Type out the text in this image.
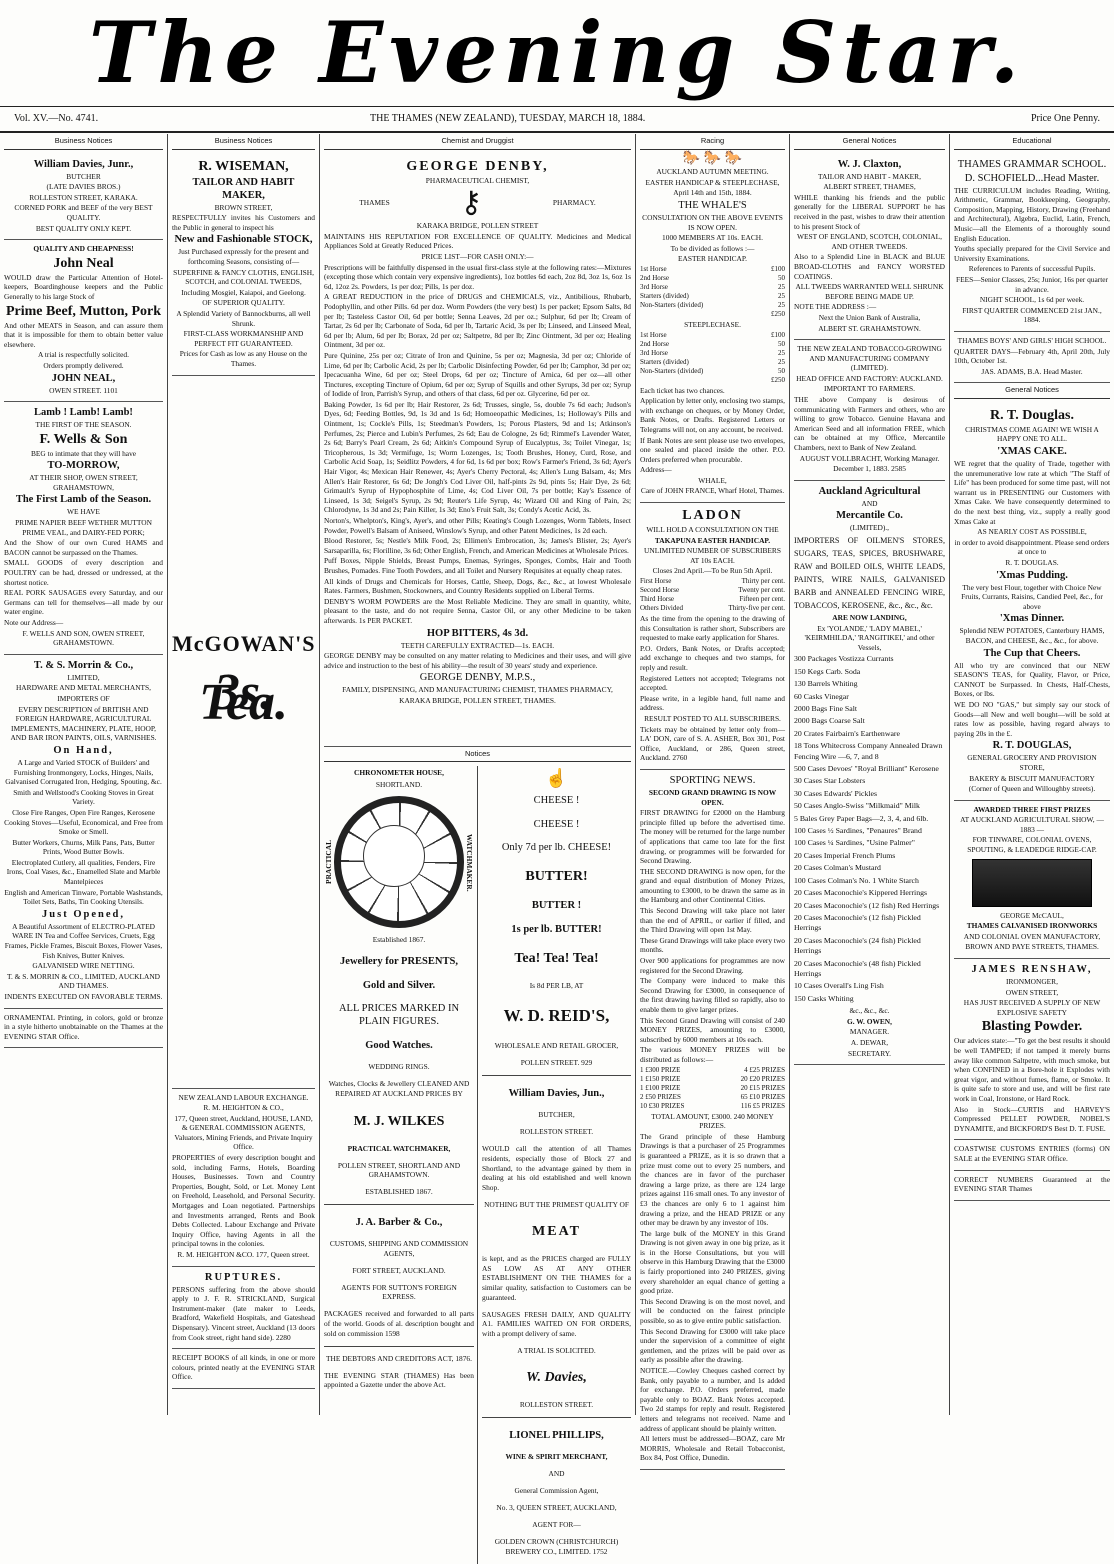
The Evening Star.
Vol. XV.—No. 4741.	THE THAMES (NEW ZEALAND), TUESDAY, MARCH 18, 1884.	Price One Penny.
Business Notices

William Davies, Junr.,

BUTCHER

(LATE DAVIES BROS.)

ROLLESTON STREET, KARAKA.

CORNED PORK and BEEF of the very BEST QUALITY.

BEST QUALITY ONLY KEPT.

QUALITY AND CHEAPNESS!

John Neal

WOULD draw the Particular Attention of Hotel-keepers, Boardinghouse keepers and the Public Generally to his large Stock of

Prime Beef, Mutton, Pork

And other MEATS in Season, and can assure them that it is impossible for them to obtain better value elsewhere.

A trial is respectfully solicited.

Orders promptly delivered.

JOHN NEAL,

OWEN STREET. 1101

Lamb ! Lamb! Lamb!

THE FIRST OF THE SEASON.

F. Wells & Son

BEG to intimate that they will have

TO-MORROW,

AT THEIR SHOP, OWEN STREET, GRAHAMSTOWN,

The First Lamb of the Season.

WE HAVE

PRIME NAPIER BEEF WETHER MUTTON PRIME VEAL, and DAIRY-FED PORK;

And the Show of our own Cured HAMS and BACON cannot be surpassed on the Thames.

SMALL GOODS of every description and POULTRY can be had, dressed or undressed, at the shortest notice.

REAL PORK SAUSAGES every Saturday, and our Germans can tell for themselves—all made by our water engine.

Note our Address—

F. WELLS AND SON, OWEN STREET, GRAHAMSTOWN.

T. & S. Morrin & Co.,

LIMITED,

HARDWARE AND METAL MERCHANTS,

IMPORTERS OF

EVERY DESCRIPTION of BRITISH AND FOREIGN HARDWARE, AGRICULTURAL IMPLEMENTS, MACHINERY, PLATE, HOOP, AND BAR IRON PAINTS, OILS, VARNISHES.

On Hand,

A Large and Varied STOCK of Builders' and Furnishing Ironmongery, Locks, Hinges, Nails, Galvanised Corrugated Iron, Hedging, Spouting, &c.

Smith and Wellstood's Cooking Stoves in Great Variety.

Close Fire Ranges, Open Fire Ranges, Kerosene Cooking Stoves—Useful, Economical, and Free from Smoke or Smell.

Butter Workers, Churns, Milk Pans, Pats, Butter Prints, Wood Butter Bowls.

Electroplated Cutlery, all qualities, Fenders, Fire Irons, Coal Vases, &c., Enamelled Slate and Marble Mantelpieces

English and American Tinware, Portable Washstands, Toilet Sets, Baths, Tin Cooking Utensils.

Just Opened,

A Beautiful Assortment of ELECTRO-PLATED WARE IN Tea and Coffee Services, Cruets, Egg Frames, Pickle Frames, Biscuit Boxes, Flower Vases, Fish Knives, Butter Knives.

GALVANISED WIRE NETTING.

T. & S. MORRIN & CO., LIMITED, AUCKLAND AND THAMES.

INDENTS EXECUTED ON FAVORABLE TERMS.

ORNAMENTAL Printing, in colors, gold or bronze in a style hitherto unobtainable on the Thames at the EVENING STAR Office.

Business Notices

R. WISEMAN,

TAILOR AND HABIT MAKER,

BROWN STREET,

RESPECTFULLY invites his Customers and the Public in general to inspect his

New and Fashionable STOCK,

Just Purchased expressly for the present and forthcoming Seasons, consisting of—

SUPERFINE & FANCY CLOTHS, ENGLISH, SCOTCH, and COLONIAL TWEEDS,

Including Mosgiel, Kaiapoi, and Geelong.

OF SUPERIOR QUALITY.

A Splendid Variety of Bannockburns, all well Shrunk.

FIRST-CLASS WORKMANSHIP AND PERFECT FIT GUARANTEED.

Prices for Cash as low as any House on the Thames.

McGOWAN'S
3s. Tea.

NEW ZEALAND LABOUR EXCHANGE.

R. M. HEIGHTON & CO.,

177, Queen street, Auckland, HOUSE, LAND, & GENERAL COMMISSION AGENTS, Valuators, Mining Friends, and Private Inquiry Office.

PROPERTIES of every description bought and sold, including Farms, Hotels, Boarding Houses, Businesses. Town and Country Properties, Bought, Sold, or Let. Money Lent on Freehold, Leasehold, and Personal Security. Mortgages and Loan negotiated. Partnerships and Investments arranged, Rents and Book Debts Collected. Labour Exchange and Private Inquiry Office, having Agents in all the principal towns in the colonies.

R. M. HEIGHTON &CO. 177, Queen street.

RUPTURES.

PERSONS suffering from the above should apply to J. F. R. STRICKLAND, Surgical Instrument-maker (late maker to Leeds, Bradford, Wakefield Hospitals, and Gateshead Dispensary). Vincent street, Auckland (13 doors from Cook street, right hand side). 2280

RECEIPT BOOKS of all kinds, in one or more colours, printed neatly at the EVENING STAR Office.

Chemist and Druggist

GEORGE DENBY,

PHARMACEUTICAL CHEMIST,

THAMES ⚷	PHARMACY.

KARAKA BRIDGE, POLLEN STREET

MAINTAINS HIS REPUTATION FOR EXCELLENCE OF QUALITY. Medicines and Medical Appliances Sold at Greatly Reduced Prices.

PRICE LIST—FOR CASH ONLY:—

Prescriptions will be faithfully dispensed in the usual first-class style at the following rates:—Mixtures (excepting those which contain very expensive ingredients), 1oz bottles 6d each, 2oz 8d, 3oz 1s, 6oz 1s 6d, 12oz 2s. Powders, 1s per doz; Pills, 1s per doz.

A GREAT REDUCTION in the price of DRUGS and CHEMICALS, viz., Antibilious, Rhubarb, Podophyllin, and other Pills. 6d per doz. Worm Powders (the very best) 1s per packet; Epsom Salts, 8d per lb; Tasteless Castor Oil, 6d per bottle; Senna Leaves, 2d per oz.; Sulphur, 6d per lb; Cream of Tartar, 2s 6d per lb; Carbonate of Soda, 6d per lb, Tartaric Acid, 3s per lb; Linseed, and Linseed Meal, 6d per lb; Alum, 6d per lb; Borax, 2d per oz; Saltpetre, 8d per lb; Zinc Ointment, 3d per oz; Healing Ointment, 3d per oz.

Pure Quinine, 25s per oz; Citrate of Iron and Quinine, 5s per oz; Magnesia, 3d per oz; Chloride of Lime, 6d per lb; Carbolic Acid, 2s per lb; Carbolic Disinfecting Powder, 6d per lb; Camphor, 3d per oz; Ipecacuanha Wine, 6d per oz; Steel Drops, 6d per oz; Tincture of Arnica, 6d per oz—all other Tinctures, excepting Tincture of Opium, 6d per oz; Syrup of Squills and other Syrups, 3d per oz; Syrup of Iodide of Iron, Parrish's Syrup, and others of that class, 6d per oz. Glycerine, 6d per oz.

Baking Powder, 1s 6d per lb; Hair Restorer, 2s 6d; Trusses, single, 5s, double 7s 6d each; Judson's Dyes, 6d; Feeding Bottles, 9d, 1s 3d and 1s 6d; Homoeopathic Medicines, 1s; Holloway's Pills and Ointment, 1s; Cockle's Pills, 1s; Steedman's Powders, 1s; Porous Plasters, 9d and 1s; Atkinson's Perfumes, 2s; Pierce and Lubin's Perfumes, 2s 6d; Eau de Cologne, 2s 6d; Rimmel's Lavender Water, 2s 6d; Barry's Pearl Cream, 2s 6d; Aitkin's Compound Syrup of Eucalyptus, 3s; Toilet Vinegar, 1s; Tricopherous, 1s 3d; Vermifuge, 1s; Worm Lozenges, 1s; Tooth Brushes, Honey, Curd, Rose, and Carbolic Acid Soap, 1s; Seidlitz Powders, 4 for 6d, 1s 6d per box; Row's Farmer's Friend, 3s 6d; Ayer's Hair Vigor, 4s; Mexican Hair Renewer, 4s; Ayer's Cherry Pectoral, 4s; Allen's Lung Balsam, 4s; Mrs Allen's Hair Restorer, 6s 6d; De Jongh's Cod Liver Oil, half-pints 2s 9d, pints 5s; Hair Dye, 2s 6d; Grimault's Syrup of Hypophosphite of Lime, 4s; Cod Liver Oil, 7s per bottle; Kay's Essence of Linseed, 1s 3d; Seigel's Syrup, 2s 9d; Reuter's Life Syrup, 4s; Wizard Oil and King of Pain, 2s; Chlorodyne, 1s 3d and 2s; Pain Killer, 1s 3d; Eno's Fruit Salt, 3s; Condy's Acetic Acid, 3s.

Norton's, Whelpton's, King's, Ayer's, and other Pills; Keating's Cough Lozenges, Worm Tablets, Insect Powder, Powell's Balsam of Aniseed, Winslow's Syrup, and other Patent Medicines, 1s 2d each.

Blood Restorer, 5s; Nestle's Milk Food, 2s; Ellimen's Embrocation, 3s; James's Blister, 2s; Ayer's Sarsaparilla, 6s; Florilline, 3s 6d; Other English, French, and American Medicines at Wholesale Prices.

Puff Boxes, Nipple Shields, Breast Pumps, Enemas, Syringes, Sponges, Combs, Hair and Tooth Brushes, Pomades. Fine Tooth Powders, and all Toilet and Nursery Requisites at equally cheap rates.

All kinds of Drugs and Chemicals for Horses, Cattle, Sheep, Dogs, &c., &c., at lowest Wholesale Rates. Farmers, Bushmen, Stockowners, and Country Residents supplied on Liberal Terms.

DENBY'S WORM POWDERS are the Most Reliable Medicine. They are small in quantity, white, pleasant to the taste, and do not require Senna, Castor Oil, or any other Medicine to be taken afterwards. 1s PER PACKET.

HOP BITTERS, 4s 3d.

TEETH CAREFULLY EXTRACTED—1s. EACH.

GEORGE DENBY may be consulted on any matter relating to Medicines and their uses, and will give advice and instruction to the best of his ability—the result of 30 years' study and experience.

GEORGE DENBY, M.P.S.,

FAMILY, DISPENSING, AND MANUFACTURING CHEMIST, THAMES PHARMACY,

KARAKA BRIDGE, POLLEN STREET, THAMES.

Notices

CHRONOMETER HOUSE,

SHORTLAND.

PRACTICAL	WATCHMAKER.

Established 1867.

Jewellery for PRESENTS,

Gold and Silver.

ALL PRICES MARKED IN PLAIN FIGURES.

Good Watches.

WEDDING RINGS.

Watches, Clocks & Jewellery CLEANED AND REPAIRED AT AUCKLAND PRICES BY

M. J. WILKES

PRACTICAL WATCHMAKER,

POLLEN STREET, SHORTLAND AND GRAHAMSTOWN.

ESTABLISHED 1867.

J. A. Barber & Co.,

CUSTOMS, SHIPPING AND COMMISSION AGENTS,

FORT STREET, AUCKLAND.

AGENTS FOR SUTTON'S FOREIGN EXPRESS.

PACKAGES received and forwarded to all parts of the world. Goods of al. description bought and sold on commission 1598

THE DEBTORS AND CREDITORS ACT, 1876.

THE EVENING STAR (THAMES) Has been appointed a Gazette under the above Act.

☝

CHEESE !

CHEESE !

Only 7d per lb. CHEESE!

BUTTER!

BUTTER !

1s per lb. BUTTER!

Tea! Tea! Tea!

Is 8d PER LB, AT

W. D. REID'S,

WHOLESALE AND RETAIL GROCER,

POLLEN STREET. 929

William Davies, Jun.,

BUTCHER,

ROLLESTON STREET.

WOULD call the attention of all Thames residents, especially those of Block 27 and Shortland, to the advantage gained by them in dealing at his old established and well known Shop.

NOTHING BUT THE PRIMEST QUALITY OF

MEAT

is kept, and as the PRICES charged are FULLY AS LOW AS AT ANY OTHER ESTABLISHMENT ON THE THAMES for a similar quality, satisfaction to Customers can be guaranteed.

SAUSAGES FRESH DAILY, AND QUALITY A1. FAMILIES WAITED ON FOR ORDERS, with a prompt delivery of same.

A TRIAL IS SOLICITED.

W. Davies,

ROLLESTON STREET.

LIONEL PHILLIPS,

WINE & SPIRIT MERCHANT,

AND

General Commission Agent,

No. 3, QUEEN STREET, AUCKLAND,

AGENT FOR—

GOLDEN CROWN (CHRISTCHURCH) BREWERY CO., LIMITED. 1752

Racing
🐎 🐎 🐎

AUCKLAND AUTUMN MEETING.

EASTER HANDICAP & STEEPLECHASE,

April 14th and 15th, 1884.

THE WHALE'S

CONSULTATION ON THE ABOVE EVENTS IS NOW OPEN.

1000 MEMBERS AT 10s. EACH.

To be divided as follows :—

EASTER HANDICAP.

1st Horse	£100
2nd Horse	50
3rd Horse	25
Starters (divided)	25
Non-Starters (divided)	25
£250

STEEPLECHASE.

1st Horse	£100
2nd Horse	50
3rd Horse	25
Starters (divided)	25
Non-Starters (divided)	50
£250

Each ticket has two chances.

Application by letter only, enclosing two stamps, with exchange on cheques, or by Money Order, Bank Notes, or Drafts. Registered Letters or Telegrams will not, on any account, be received.

If Bank Notes are sent please use two envelopes, one sealed and placed inside the other. P.O. Orders preferred when procurable.

Address—

WHALE,

Care of JOHN FRANCE, Wharf Hotel, Thames.

LADON

WILL HOLD A CONSULTATION ON THE

TAKAPUNA EASTER HANDICAP.

UNLIMITED NUMBER OF SUBSCRIBERS AT 10s EACH.

Closes 2nd April.—To be Run 5th April.

First Horse	Thirty per cent.
Second Horse	Twenty per cent.
Third Horse	Fifteen per cent.
Others Divided	Thirty-five per cent.

As the time from the opening to the drawing of this Consultation is rather short, Subscribers are requested to make early application for Shares.

P.O. Orders, Bank Notes, or Drafts accepted; add exchange to cheques and two stamps, for reply and result.

Registered Letters not accepted; Telegrams not accepted.

Please write, in a legible hand, full name and address.

RESULT POSTED TO ALL SUBSCRIBERS.

Tickets may be obtained by letter only from—LA' DON, care of S. A. ASHER, Box 301, Post Office, Auckland, or 286, Queen street, Auckland. 2760

SPORTING NEWS.

SECOND GRAND DRAWING IS NOW OPEN.

FIRST DRAWING for £2000 on the Hamburg principle filled up before the advertised time. The money will be returned for the large number of applications that came too late for the first drawing, or programmes will be forwarded for Second Drawing.

THE SECOND DRAWING is now open, for the grand and equal distribution of Money Prizes, amounting to £3000, to be drawn the same as in the Hamburg and other Continental Cities.

This Second Drawing will take place not later than the end of APRIL, or earlier if filled, and the Third Drawing will open 1st May.

These Grand Drawings will take place every two months.

Over 900 applications for programmes are now registered for the Second Drawing.

The Company were induced to make this Second Drawing for £3000, in consequence of the first drawing having filled so rapidly, also to enable them to give larger prizes.

This Second Grand Drawing will consist of 240 MONEY PRIZES, amounting to £3000, subscribed by 6000 members at 10s each.

The various MONEY PRIZES will be distributed as follows:—

1 £300 PRIZE	4 £25 PRIZES
1 £150 PRIZE	20 £20 PRIZES
1 £100 PRIZE	20 £15 PRIZES
2 £50 PRIZES	65 £10 PRIZES
10 £30 PRIZES	116 £5 PRIZES

TOTAL AMOUNT, £3000. 240 MONEY PRIZES.

The Grand principle of these Hamburg Drawings is that a purchaser of 25 Programmes is guaranteed a PRIZE, as it is so drawn that a prize must come out to every 25 numbers, and the chances are in favor of the purchaser drawing a large prize, as there are 124 large prizes against 116 small ones. To any investor of £3 the chances are only 6 to 1 against him drawing a prize, and the HEAD PRIZE or any other may be drawn by any investor of 10s.

The large bulk of the MONEY in this Grand Drawing is not given away in one big prize, as it is in the Horse Consultations, but you will observe in this Hamburg Drawing that the £3000 is fairly proportioned into 240 PRIZES, giving every shareholder an equal chance of getting a good prize.

This Second Drawing is on the most novel, and will be conducted on the fairest principle possible, so as to give entire public satisfaction.

This Second Drawing for £3000 will take place under the supervision of a committee of eight gentlemen, and the prizes will be paid over as early as possible after the drawing.

NOTICE.—Cowley Cheques cashed correct by Bank, only payable to a number, and 1s added for exchange. P.O. Orders preferred, made payable only to BOAZ. Bank Notes accepted. Two 2d stamps for reply and result. Registered letters and telegrams not received. Name and address of applicant should be plainly written.

All letters must be addressed—BOAZ, care Mr MORRIS, Wholesale and Retail Tobacconist, Box 84, Post Office, Dunedin.

General Notices

W. J. Claxton,

TAILOR AND HABIT - MAKER,

ALBERT STREET, THAMES,

WHILE thanking his friends and the public generally for the LIBERAL SUPPORT he has received in the past, wishes to draw their attention to his present Stock of

WEST OF ENGLAND, SCOTCH, COLONIAL, AND OTHER TWEEDS.

Also to a Splendid Line in BLACK and BLUE BROAD-CLOTHS and FANCY WORSTED COATINGS.

ALL TWEEDS WARRANTED WELL SHRUNK BEFORE BEING MADE UP.

NOTE THE ADDRESS :—

Next the Union Bank of Australia,

ALBERT ST. GRAHAMSTOWN.

THE NEW ZEALAND TOBACCO-GROWING AND MANUFACTURING COMPANY (LIMITED).

HEAD OFFICE AND FACTORY: AUCKLAND.

IMPORTANT TO FARMERS.

THE above Company is desirous of communicating with Farmers and others, who are willing to grow Tobacco. Genuine Havana and American Seed and all information FREE, which can be obtained at my Office, Mercantile Chambers, next to Bank of New Zealand.

AUGUST VOLLBRACHT, Working Manager.

December 1, 1883. 2585

Auckland Agricultural

AND

Mercantile Co.

(LIMITED).,

IMPORTERS OF OILMEN'S STORES, SUGARS, TEAS, SPICES, BRUSHWARE, RAW and BOILED OILS, WHITE LEADS, PAINTS, WIRE NAILS, GALVANISED BARB and ANNEALED FENCING WIRE, TOBACCOS, KEROSENE, &c., &c., &c.

ARE NOW LANDING,

Ex 'YOLANDE,' 'LADY MABEL,' 'KEIRMHILDA,' 'RANGITIKEI,' and other Vessels,

300 Packages Vostizza Currants

150 Kegs Carb. Soda

130 Barrels Whiting

60 Casks Vinegar

2000 Bags Fine Salt

2000 Bags Coarse Salt

20 Crates Fairbairn's Earthenware

18 Tons Whitecross Company Annealed Drawn Fencing Wire —6, 7, and 8

500 Cases Devoes' "Royal Brilliant" Kerosene

30 Cases Star Lobsters

30 Cases Edwards' Pickles

50 Cases Anglo-Swiss "Milkmaid" Milk

5 Bales Grey Paper Bags—2, 3, 4, and 6lb.

100 Cases ½ Sardines, "Penaures" Brand

100 Cases ¼ Sardines, "Usine Palmer"

20 Cases Imperial French Plums

20 Cases Colman's Mustard

100 Cases Colman's No. 1 White Starch

20 Cases Maconochie's Kippered Herrings

20 Cases Maconochie's (12 fish) Red Herrings

20 Cases Maconochie's (12 fish) Pickled Herrings

20 Cases Maconochie's (24 fish) Pickled Herrings

20 Cases Maconochie's (48 fish) Pickled Herrings

10 Cases Overall's Ling Fish

150 Casks Whiting

&c., &c., &c.

G. W. OWEN,

MANAGER.

A. DEWAR,

SECRETARY.

Educational

THAMES GRAMMAR SCHOOL.

D. SCHOFIELD...Head Master.

THE CURRICULUM includes Reading, Writing, Arithmetic, Grammar, Bookkeeping, Geography, Composition, Mapping, History, Drawing (Freehand and Architectural), Algebra, Euclid, Latin, French, Music—all the Elements of a thoroughly sound English Education.

Youths specially prepared for the Civil Service and University Examinations.

References to Parents of successful Pupils.

FEES—Senior Classes, 25s; Junior, 16s per quarter in advance.

NIGHT SCHOOL, 1s 6d per week.

FIRST QUARTER COMMENCED 21st JAN., 1884.

THAMES BOYS' AND GIRLS' HIGH SCHOOL.

QUARTER DAYS—February 4th, April 20th, July 10th, October 1st.

JAS. ADAMS, B.A. Head Master.

General Notices

R. T. Douglas.

CHRISTMAS COME AGAIN! WE WISH A HAPPY ONE TO ALL.

'XMAS CAKE.

WE regret that the quality of Trade, together with the unremunerative low rate at which "The Staff of Life" has been produced for some time past, will not warrant us in PRESENTING our Customers with Xmas Cake. We have consequently determined to do the next best thing, viz., supply a really good Xmas Cake at

AS NEARLY COST AS POSSIBLE,

in order to avoid disappointment. Please send orders at once to

R. T. DOUGLAS.

'Xmas Pudding.

The very best Flour, together with Choice New Fruits, Currants, Raisins, Candied Peel, &c., for above

'Xmas Dinner.

Splendid NEW POTATOES, Canterbury HAMS, BACON, and CHEESE, &c., &c., for above.

The Cup that Cheers.

All who try are convinced that our NEW SEASON'S TEAS, for Quality, Flavor, or Price, CANNOT be Surpassed. In Chests, Half-Chests, Boxes, or lbs.

WE DO NO "GAS," but simply say our stock of Goods—all New and well bought—will be sold at rates low as possible, having regard always to paying 20s in the £.

R. T. DOUGLAS,

GENERAL GROCERY AND PROVISION STORE,

BAKERY & BISCUIT MANUFACTORY

(Corner of Queen and Willoughby streets).

AWARDED THREE FIRST PRIZES

AT AUCKLAND AGRICULTURAL SHOW, — 1883 —

FOR TINWARE, COLONIAL OVENS, SPOUTING, & LEADEDGE RIDGE-CAP.

GEORGE McCAUL,

THAMES CALVANISED IRONWORKS

AND COLONIAL OVEN MANUFACTORY,

BROWN AND PAYE STREETS, THAMES.

JAMES RENSHAW,

IRONMONGER,

OWEN STREET,

HAS JUST RECEIVED A SUPPLY OF NEW EXPLOSIVE SAFETY

Blasting Powder.

Our advices state:—"To get the best results it should be well TAMPED; if not tamped it merely burns away like common Saltpetre, with much smoke, but when CONFINED in a Bore-hole it Explodes with great vigor, and without fumes, flame, or Smoke. It is quite safe to store and use, and will be first rate work in Coal, Ironstone, or Hard Rock.

Also in Stock—CURTIS and HARVEY'S Compressed PELLET POWDER, NOBEL'S DYNAMITE, and BICKFORD'S Best D. T. FUSE.

COASTWISE CUSTOMS ENTRIES (forms) ON SALE at the EVENING STAR Office.

CORRECT NUMBERS Guaranteed at the EVENING STAR Thames
